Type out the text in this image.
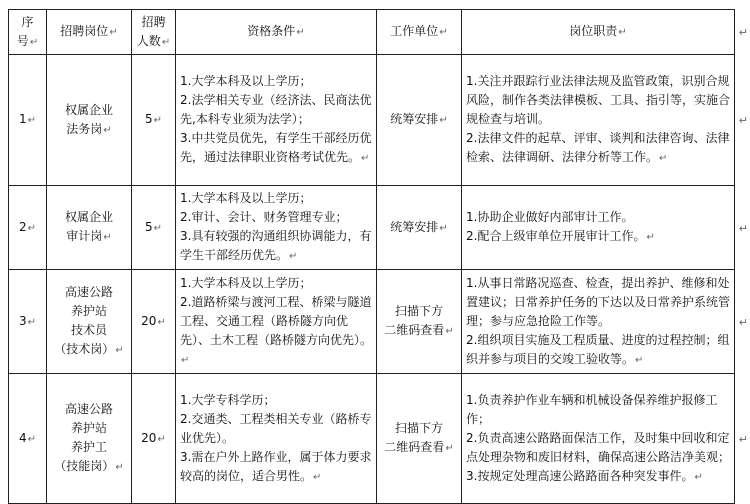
序
号↵	招聘岗位↵	招聘
人数↵	资格条件↵	工作单位↵	岗位职责↵
1↵	权属企业
法务岗↵	5↵	1.大学本科及以上学历；
2.法学相关专业（经济法、民商法优先,本科专业须为法学）；
3.中共党员优先，有学生干部经历优先，通过法律职业资格考试优先。↵	统筹安排↵	1.关注并跟踪行业法律法规及监管政策，识别合规风险，制作各类法律模板、工具、指引等，实施合规检查与培训。
2.法律文件的起草、评审、谈判和法律咨询、法律检索、法律调研、法律分析等工作。↵

2↵	权属企业
审计岗↵	5↵	1.大学本科及以上学历；
2.审计、会计、财务管理专业；
3.具有较强的沟通组织协调能力，有学生干部经历优先。↵	统筹安排↵	1.协助企业做好内部审计工作。
2.配合上级审单位开展审计工作。↵

3↵	高速公路
养护站
技术员
（技术岗）↵	20↵	1.大学本科及以上学历；
2.道路桥梁与渡河工程、桥梁与隧道工程、交通工程（路桥隧方向优先）、土木工程（路桥隧方向优先）。↵	扫描下方
二维码查看↵	1.从事日常路况巡查、检查，提出养护、维修和处置建议；日常养护任务的下达以及日常养护系统管理；参与应急抢险工作等。
2.组织项目实施及工程质量、进度的过程控制；组织并参与项目的交竣工验收等。↵

4↵	高速公路
养护站
养护工
（技能岗）↵	20↵	1.大学专科学历；
2.交通类、工程类相关专业（路桥专业优先）。
3.需在户外上路作业，属于体力要求较高的岗位，适合男性。↵	扫描下方
二维码查看↵	1.负责养护作业车辆和机械设备保养维护报修工作；
2.负责高速公路路面保洁工作，及时集中回收和定点处理杂物和废旧材料，确保高速公路洁净美观；
3.按规定处理高速公路路面各种突发事件。↵
↵
↵
↵
↵
↵
